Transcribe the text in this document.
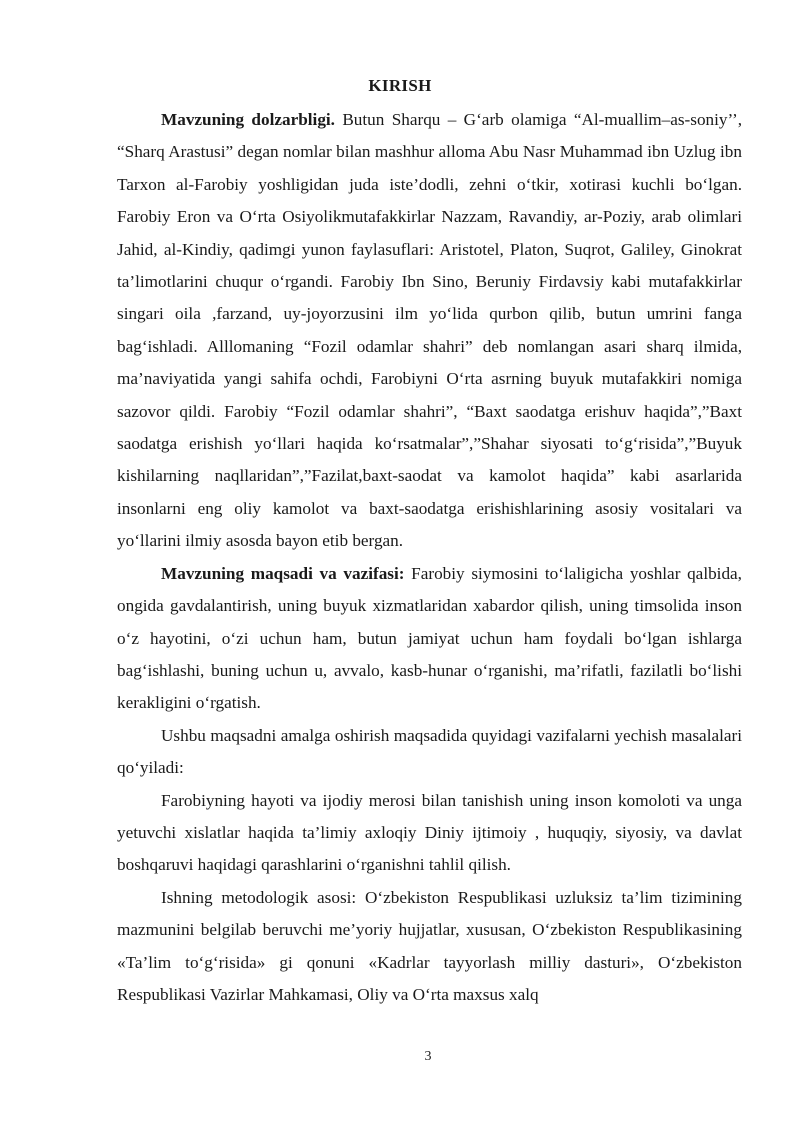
KIRISH

Mavzuning dolzarbligi. Butun Sharqu – G‘arb olamiga “Al-muallim–as-soniy’’, “Sharq Arastusi” degan nomlar bilan mashhur alloma Abu Nasr Muhammad ibn Uzlug ibn Tarxon al-Farobiy yoshligidan juda iste’dodli, zehni o‘tkir, xotirasi kuchli bo‘lgan. Farobiy Eron va O‘rta Osiyolikmutafakkirlar Nazzam, Ravandiy, ar-Poziy, arab olimlari Jahid, al-Kindiy, qadimgi yunon faylasuflari: Aristotel, Platon, Suqrot, Galiley, Ginokrat ta’limotlarini chuqur o‘rgandi. Farobiy Ibn Sino, Beruniy Firdavsiy kabi mutafakkirlar singari oila ,farzand, uy-joyorzusini ilm yo‘lida qurbon qilib, butun umrini fanga bag‘ishladi. Alllomaning “Fozil odamlar shahri” deb nomlangan asari sharq ilmida, ma’naviyatida yangi sahifa ochdi, Farobiyni O‘rta asrning buyuk mutafakkiri nomiga sazovor qildi. Farobiy “Fozil odamlar shahri”, “Baxt saodatga erishuv haqida”,”Baxt saodatga erishish yo‘llari haqida ko‘rsatmalar”,”Shahar siyosati to‘g‘risida”,”Buyuk kishilarning naqllaridan”,”Fazilat,baxt-saodat va kamolot haqida” kabi asarlarida insonlarni eng oliy kamolot va baxt-saodatga erishishlarining asosiy vositalari va yo‘llarini ilmiy asosda bayon etib bergan.

Mavzuning maqsadi va vazifasi: Farobiy siymosini to‘laligicha yoshlar qalbida, ongida gavdalantirish, uning buyuk xizmatlaridan xabardor qilish, uning timsolida inson o‘z hayotini, o‘zi uchun ham, butun jamiyat uchun ham foydali bo‘lgan ishlarga bag‘ishlashi, buning uchun u, avvalo, kasb-hunar o‘rganishi, ma’rifatli, fazilatli bo‘lishi kerakligini o‘rgatish.

Ushbu maqsadni amalga oshirish maqsadida quyidagi vazifalarni yechish masalalari qo‘yiladi:

Farobiyning hayoti va ijodiy merosi bilan tanishish uning inson komoloti va unga yetuvchi xislatlar haqida ta’limiy axloqiy Diniy ijtimoiy , huquqiy, siyosiy, va davlat boshqaruvi haqidagi qarashlarini o‘rganishni tahlil qilish.

Ishning metodologik asosi: O‘zbekiston Respublikasi uzluksiz ta’lim tizimining mazmunini belgilab beruvchi me’yoriy hujjatlar, xususan, O‘zbekiston Respublikasining «Ta’lim to‘g‘risida» gi qonuni «Kadrlar tayyorlash milliy dasturi», O‘zbekiston Respublikasi Vazirlar Mahkamasi, Oliy va O‘rta maxsus xalq

3
